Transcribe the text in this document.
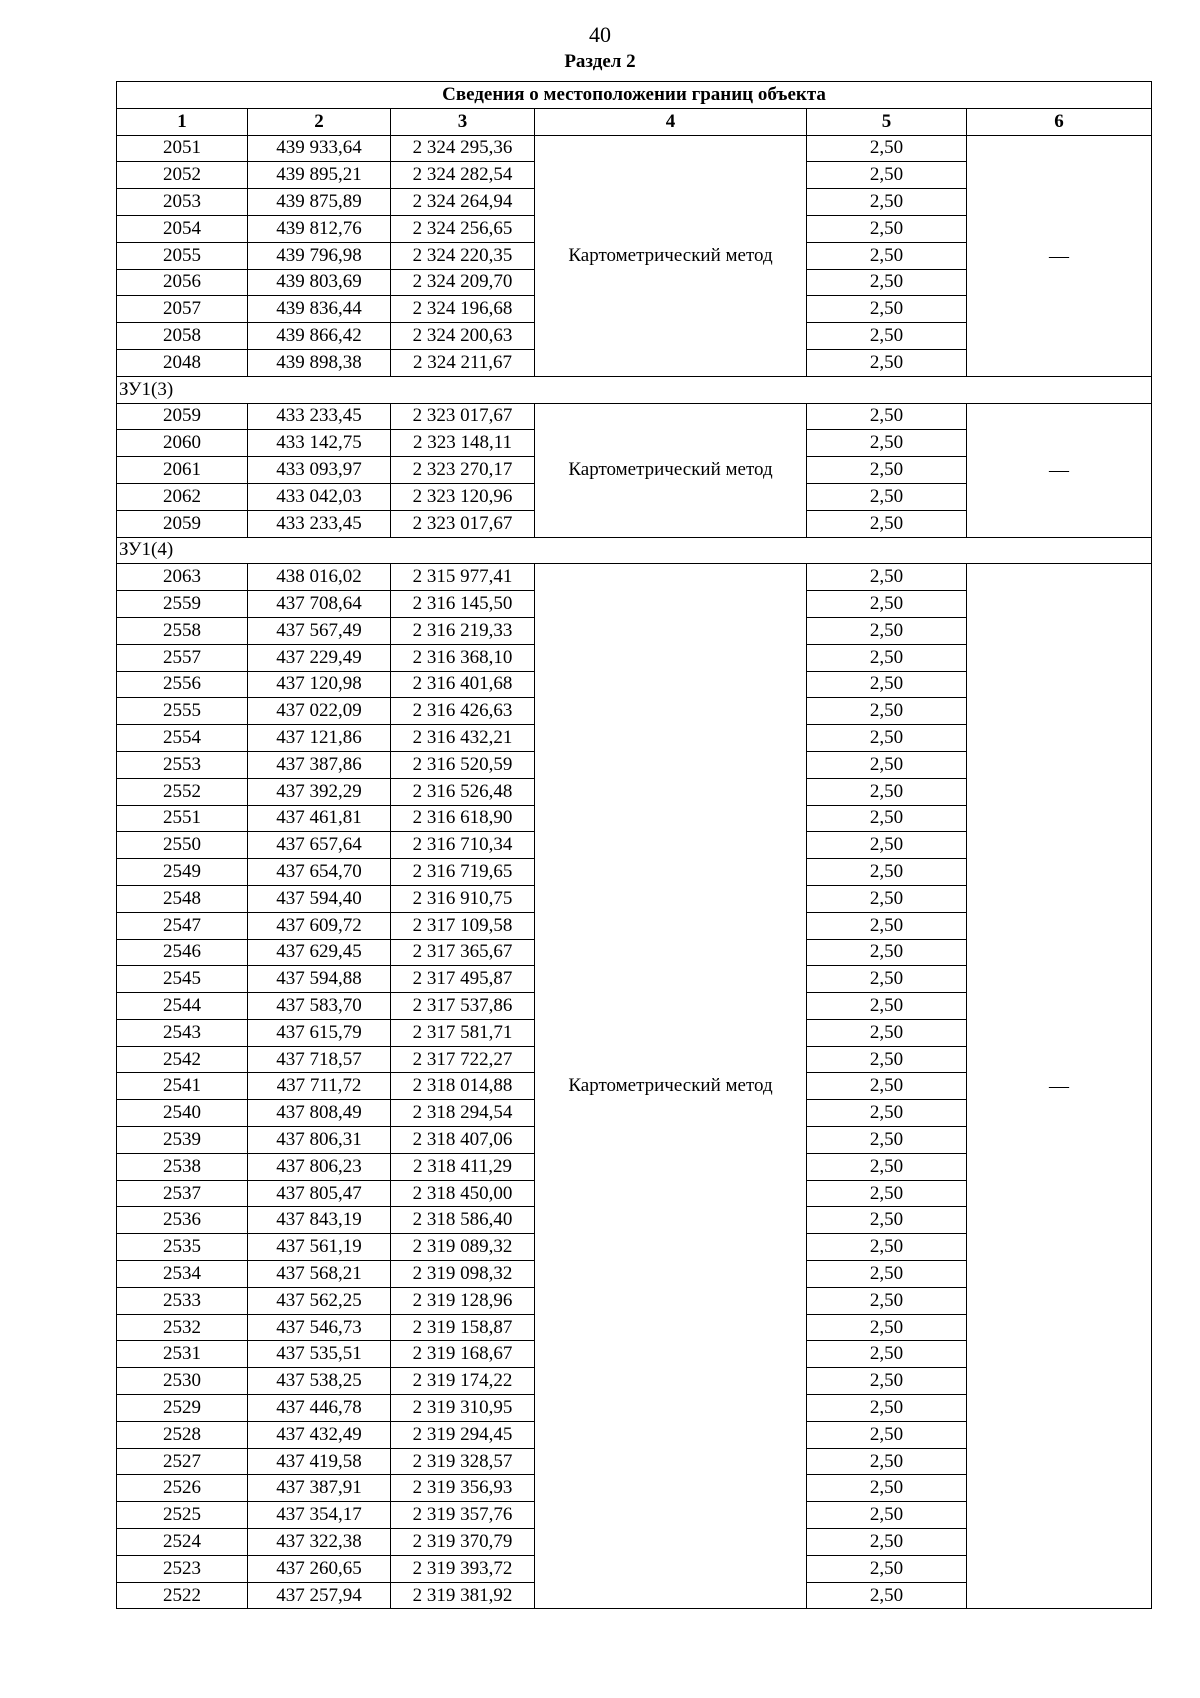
40
Раздел 2
Сведения о местоположении границ объекта					
1	2	3	4	5	6
2051	439 933,64	2 324 295,36	Картометрический метод	2,50	—
2052	439 895,21	2 324 282,54		2,50	
2053	439 875,89	2 324 264,94		2,50	
2054	439 812,76	2 324 256,65		2,50	
2055	439 796,98	2 324 220,35		2,50	
2056	439 803,69	2 324 209,70		2,50	
2057	439 836,44	2 324 196,68		2,50	
2058	439 866,42	2 324 200,63		2,50	
2048	439 898,38	2 324 211,67		2,50	
ЗУ1(3)					
2059	433 233,45	2 323 017,67	Картометрический метод	2,50	—
2060	433 142,75	2 323 148,11		2,50	
2061	433 093,97	2 323 270,17		2,50	
2062	433 042,03	2 323 120,96		2,50	
2059	433 233,45	2 323 017,67		2,50	
ЗУ1(4)					
2063	438 016,02	2 315 977,41	Картометрический метод	2,50	—
2559	437 708,64	2 316 145,50		2,50	
2558	437 567,49	2 316 219,33		2,50	
2557	437 229,49	2 316 368,10		2,50	
2556	437 120,98	2 316 401,68		2,50	
2555	437 022,09	2 316 426,63		2,50	
2554	437 121,86	2 316 432,21		2,50	
2553	437 387,86	2 316 520,59		2,50	
2552	437 392,29	2 316 526,48		2,50	
2551	437 461,81	2 316 618,90		2,50	
2550	437 657,64	2 316 710,34		2,50	
2549	437 654,70	2 316 719,65		2,50	
2548	437 594,40	2 316 910,75		2,50	
2547	437 609,72	2 317 109,58		2,50	
2546	437 629,45	2 317 365,67		2,50	
2545	437 594,88	2 317 495,87		2,50	
2544	437 583,70	2 317 537,86		2,50	
2543	437 615,79	2 317 581,71		2,50	
2542	437 718,57	2 317 722,27		2,50	
2541	437 711,72	2 318 014,88		2,50	
2540	437 808,49	2 318 294,54		2,50	
2539	437 806,31	2 318 407,06		2,50	
2538	437 806,23	2 318 411,29		2,50	
2537	437 805,47	2 318 450,00		2,50	
2536	437 843,19	2 318 586,40		2,50	
2535	437 561,19	2 319 089,32		2,50	
2534	437 568,21	2 319 098,32		2,50	
2533	437 562,25	2 319 128,96		2,50	
2532	437 546,73	2 319 158,87		2,50	
2531	437 535,51	2 319 168,67		2,50	
2530	437 538,25	2 319 174,22		2,50	
2529	437 446,78	2 319 310,95		2,50	
2528	437 432,49	2 319 294,45		2,50	
2527	437 419,58	2 319 328,57		2,50	
2526	437 387,91	2 319 356,93		2,50	
2525	437 354,17	2 319 357,76		2,50	
2524	437 322,38	2 319 370,79		2,50	
2523	437 260,65	2 319 393,72		2,50	
2522	437 257,94	2 319 381,92		2,50	
